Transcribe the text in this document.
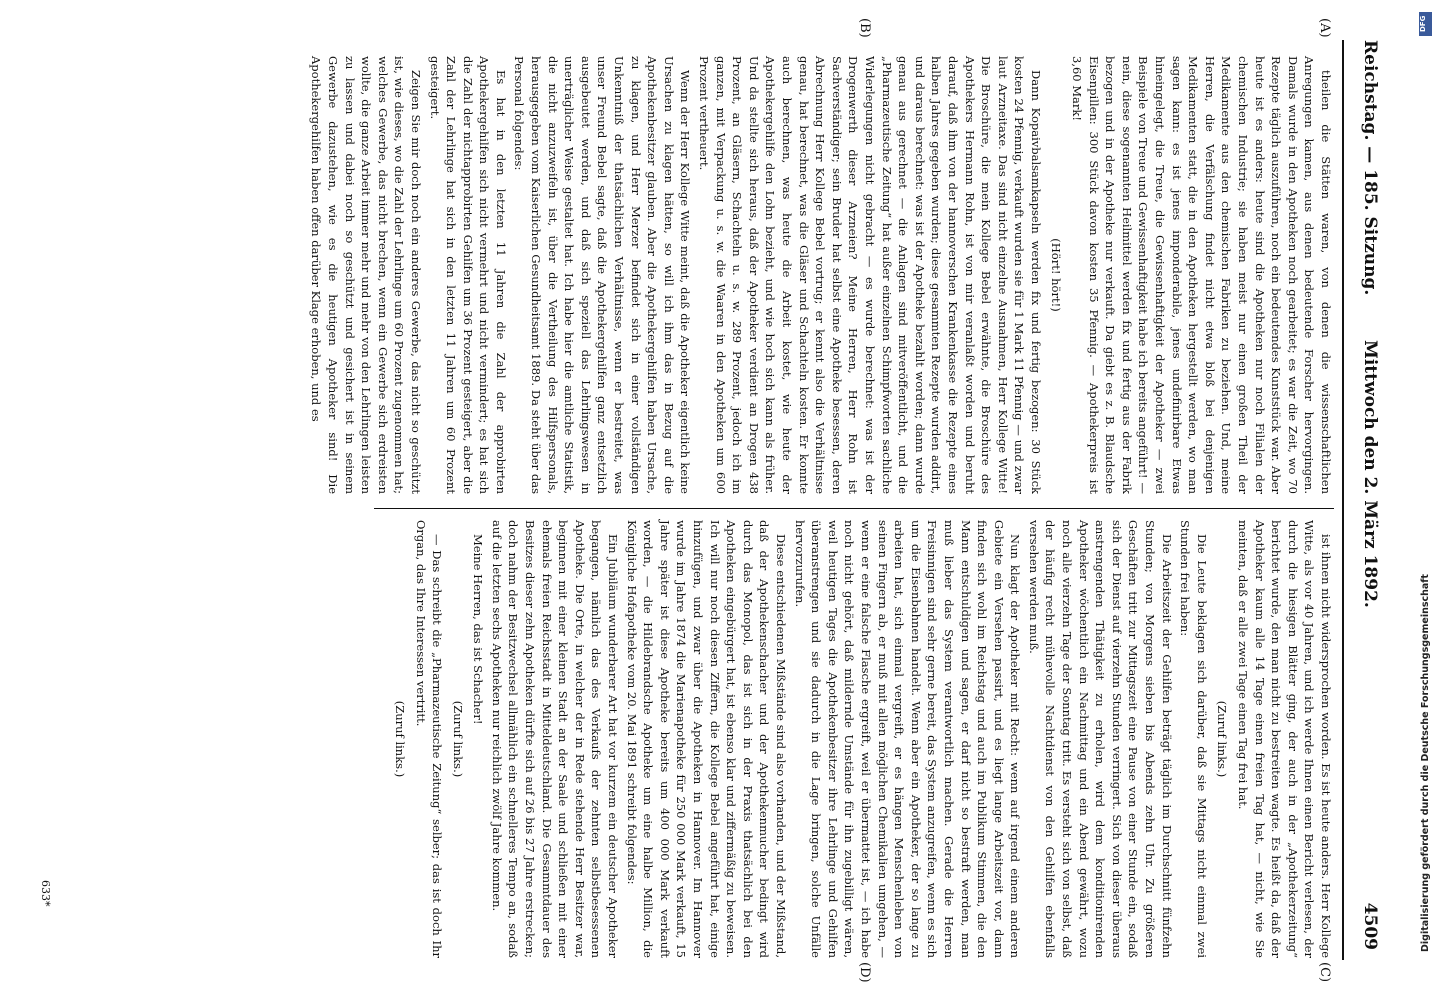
Reichstag. — 185. Sitzung.
Mittwoch den 2. März 1892.
4509
(A)
(B)
(C)
(D)

theilen die Stätten waren, von denen die wissenschaftlichen Anregungen kamen, aus denen bedeutende Forscher hervorgingen. Damals wurde in den Apotheken noch gearbeitet; es war die Zeit, wo 70 Rezepte täglich auszuführen, noch ein bedeutendes Kunststück war. Aber heute ist es anders: heute sind die Apotheken nur noch Filialen der chemischen Industrie; sie haben meist nur einen großen Theil der Medikamente aus den chemischen Fabriken zu beziehen. Und, meine Herren, die Verfälschung findet nicht etwa bloß bei denjenigen Medikamenten statt, die in den Apotheken hergestellt werden, wo man sagen kann: es ist jenes imponderabile, jenes undefinirbare Etwas hineingelegt, die Treue, die Gewissenhaftigkeit der Apotheker — zwei Beispiele von Treue und Gewissenhaftigkeit habe ich bereits angeführt! — nein, diese sogenannten Heilmittel werden fix und fertig aus der Fabrik bezogen und in der Apotheke nur verkauft. Da giebt es z. B. Blaudsche Eisenpillen: 300 Stück davon kosten 35 Pfennig. — Apothekerpreis ist 3,60 Mark!

(Hört! hört!)

Dann Kopaivbalsamkapseln werden fix und fertig bezogen: 30 Stück kosten 24 Pfennig, verkauft wurden sie für 1 Mark 11 Pfennig — und zwar laut Arzneitaxe. Das sind nicht einzelne Ausnahmen, Herr Kollege Witte! Die Broschüre, die mein Kollege Bebel erwähnte, die Broschüre des Apothekers Hermann Rohn, ist von mir veranlaßt worden und beruht darauf, daß ihm von der hannoverschen Krankenkasse die Rezepte eines halben Jahres gegeben wurden; diese gesammten Rezepte wurden addirt, und daraus berechnet: was ist der Apotheke bezahlt worden; dann wurde genau aus gerechnet — die Anlagen sind mitveröffentlicht, und die „Pharmazeutische Zeitung“ hat außer einzelnen Schimpfworten sachliche Widerlegungen nicht gebracht — es wurde berechnet: was ist der Drogenwerth dieser Arzneien? Meine Herren, Herr Rohn ist Sachverständiger; sein Bruder hat selbst eine Apotheke besessen, deren Abrechnung Herr Kollege Bebel vortrug; er kennt also die Verhältnisse genau, hat berechnet, was die Gläser und Schachteln kosten. Er konnte auch berechnen, was heute die Arbeit kostet, wie heute der Apothekergehilfe den Lohn bezieht, und wie hoch sich kann als früher. Und da stellte sich heraus, daß der Apotheker verdient an Drogen 438 Prozent, an Gläsern, Schachteln u. s. w. 289 Prozent, jedoch ich im ganzen, mit Verpackung u. s. w. die Waaren in den Apotheken um 600 Prozent vertheuert.

Wenn der Herr Kollege Witte meint, daß die Apotheker eigentlich keine Ursachen zu klagen hätten, so will ich ihm das in Bezug auf die Apothekenbesitzer glauben. Aber die Apothekergehilfen haben Ursache, zu klagen, und Herr Merzer befindet sich in einer vollständigen Unkenntniß der thatsächlichen Verhältnisse, wenn er bestreitet, was unser Freund Bebel sagte, daß die Apothekergehilfen ganz entsetzlich ausgebeutet werden, und daß sich speziell das Lehrlingswesen in unerträglicher Weise gestaltet hat. Ich habe hier die amtliche Statistik, die nicht anzuzweifeln ist, über die Vertheilung des Hilfspersonals, herausgegeben vom Kaiserlichen Gesundheitsamt 1889. Da steht über das Personal folgendes:

Es hat in den letzten 11 Jahren die Zahl der approbirten Apothekergehilfen sich nicht vermehrt und nicht vermindert; es hat sich die Zahl der nichtapprobirten Gehilfen um 36 Prozent gesteigert, aber die Zahl der Lehrlinge hat sich in den letzten 11 Jahren um 60 Prozent gesteigert.

Zeigen Sie mir doch noch ein anderes Gewerbe, das nicht so geschützt ist, wie dieses, wo die Zahl der Lehrlinge um 60 Prozent zugenommen hat; welches Gewerbe, das nicht brechen, wenn ein Gewerbe sich erdreisten wollte, die ganze Arbeit immer mehr und mehr von den Lehrlingen leisten zu lassen und dabei noch so geschützt und gesichert ist in seinem Gewerbe dazustehen, wie es die heutigen Apotheker sind! Die Apothekergehilfen haben offen darüber Klage erhoben, und es

ist ihnen nicht widersprochen worden. Es ist heute anders. Herr Kollege Witte, als vor 40 Jahren, und ich werde Ihnen einen Bericht verlesen, der durch die hiesigen Blätter ging, der auch in der „Apothekerzeitung“ berichtet wurde, den man nicht zu bestreiten wagte. Es heißt da, daß der Apotheker kaum alle 14 Tage einen freien Tag hat, — nicht, wie Sie meinten, daß er alle zwei Tage einen Tag frei hat.

(Zuruf links.)

Die Leute beklagen sich darüber, daß sie Mittags nicht einmal zwei Stunden frei haben:

Die Arbeitszeit der Gehilfen beträgt täglich im Durchschnitt fünfzehn Stunden; von Morgens sieben bis Abends zehn Uhr. Zu größeren Geschäften tritt zur Mittagszeit eine Pause von einer Stunde ein, sodaß sich der Dienst auf vierzehn Stunden verringert. Sich von dieser überaus anstrengenden Thätigkeit zu erholen, wird dem konditionirenden Apotheker wöchentlich ein Nachmittag und ein Abend gewährt, wozu noch alle vierzehn Tage der Sonntag tritt. Es versteht sich von selbst, daß der häufig recht mühevolle Nachtdienst von den Gehilfen ebenfalls versehen werden muß.

Nun klagt der Apotheker mit Recht: wenn auf irgend einem anderen Gebiete ein Versehen passirt, und es liegt lange Arbeitszeit vor, dann finden sich wohl im Reichstag und auch im Publikum Stimmen, die den Mann entschuldigen und sagen, er darf nicht so bestraft werden, man muß lieber das System verantwortlich machen. Gerade die Herren Freisinnigen sind sehr gerne bereit, das System anzugreifen, wenn es sich um die Eisenbahnen handelt. Wenn aber ein Apotheker, der so lange zu arbeiten hat, sich einmal vergreift, er es hängen Menschenleben von seinen Fingern ab, er muß mit allen möglichen Chemikalien umgehen, — wenn er eine falsche Flasche ergreift, weil er übermattet ist, — ich habe noch nicht gehört, daß mildernde Umstände für ihn zugebilligt wären, weil heutigen Tages die Apothekenbesitzer ihre Lehrlinge und Gehilfen überanstrengen und sie dadurch in die Lage bringen, solche Unfälle hervorzurufen.

Diese entschiedenen Mißstände sind also vorhanden, und der Mißstand, daß der Apothekenschacher und der Apothekenmucher bedingt wird durch das Monopol, das ist sich in der Praxis thatsächlich bei den Apotheken eingebürgert hat, ist ebenso klar und ziffermäßig zu beweisen. Ich will nur noch diesen Ziffern, die Kollege Bebel angeführt hat, einige hinzufügen, und zwar über die Apotheken in Hannover. Im Hannover wurde im Jahre 1874 die Marienapotheke für 250 000 Mark verkauft, 15 Jahre später ist diese Apotheke bereits um 400 000 Mark verkauft worden, — die Hildebrandsche Apotheke um eine halbe Million, die Königliche Hofapotheke vom 20. Mai 1891 schreibt folgendes:

Ein Jubiläum wunderbarer Art hat vor kurzem ein deutscher Apotheker begangen, nämlich das des Verkaufs der zehnten selbstbesessenen Apotheke. Die Orte, in welcher der in Rede stehende Herr Besitzer war, beginnen mit einer kleinen Stadt an der Saale und schließen mit einer ehemals freien Reichsstadt in Mitteldeutschland. Die Gesammtdauer des Besitzes dieser zehn Apotheken dürfte sich auf 26 bis 27 Jahre erstrecken; doch nahm der Besitzwechsel allmählich ein schnelleres Tempo an, sodaß auf die letzten sechs Apotheken nur reichlich zwölf Jahre kommen.

Meine Herren, das ist Schacher!

(Zuruf links.)

— Das schreibt die „Pharmazeutische Zeitung“ selber; das ist doch Ihr Organ, das Ihre Interessen vertritt.

(Zuruf links.)

633*
DFG
Digitalisierung gefördert durch die Deutsche Forschungsgemeinschaft
